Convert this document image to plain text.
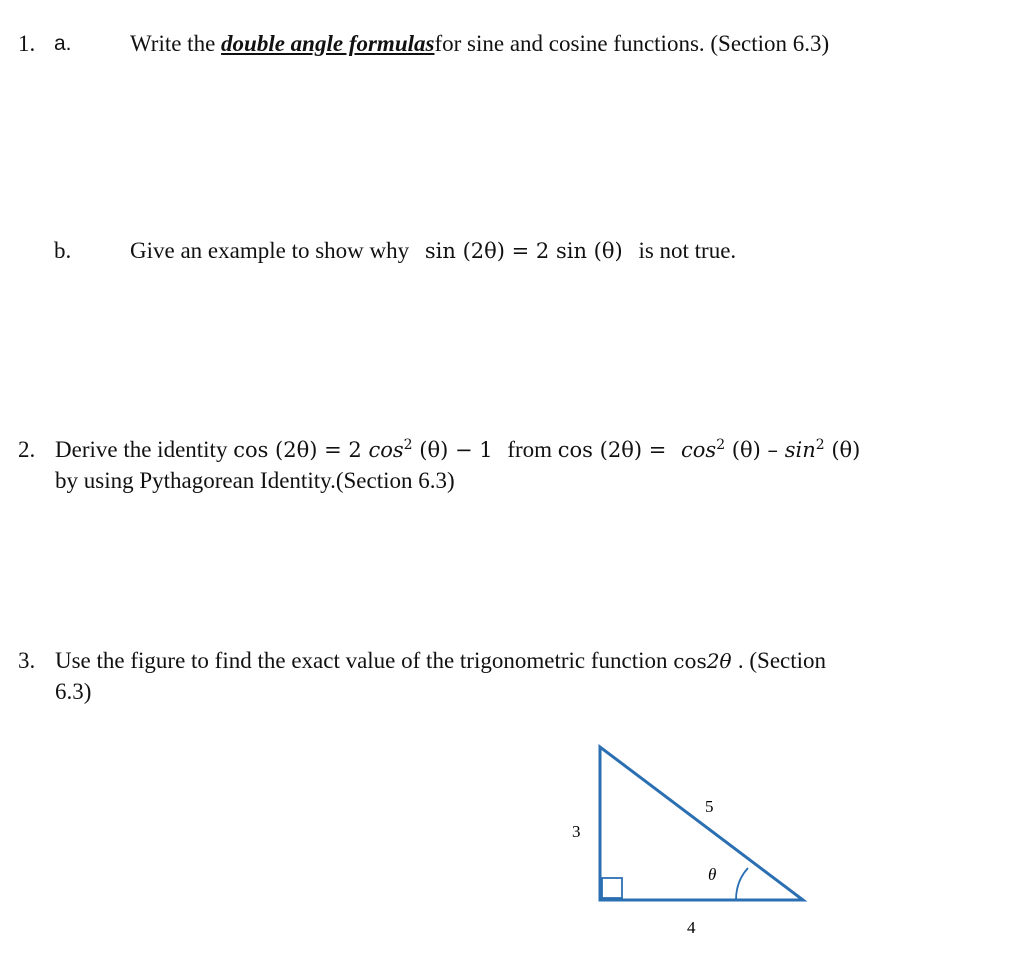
1. a.	Write the double angle formulasfor sine and cosine functions. (Section 6.3)
b.	Give an example to show why sin (2θ) = 2 sin (θ) is not true.
2. Derive the identity cos (2θ) = 2 $\cos^2 (\theta) - 1$ from $\cos (2\theta) = \cos^2 (\theta) - \sin^2 (\theta)$
by using Pythagorean Identity.(Section 6.3)
3. Use the figure to find the exact value of the trigonometric function cos2θ . (Section
6.3)
3
5
4
θ
